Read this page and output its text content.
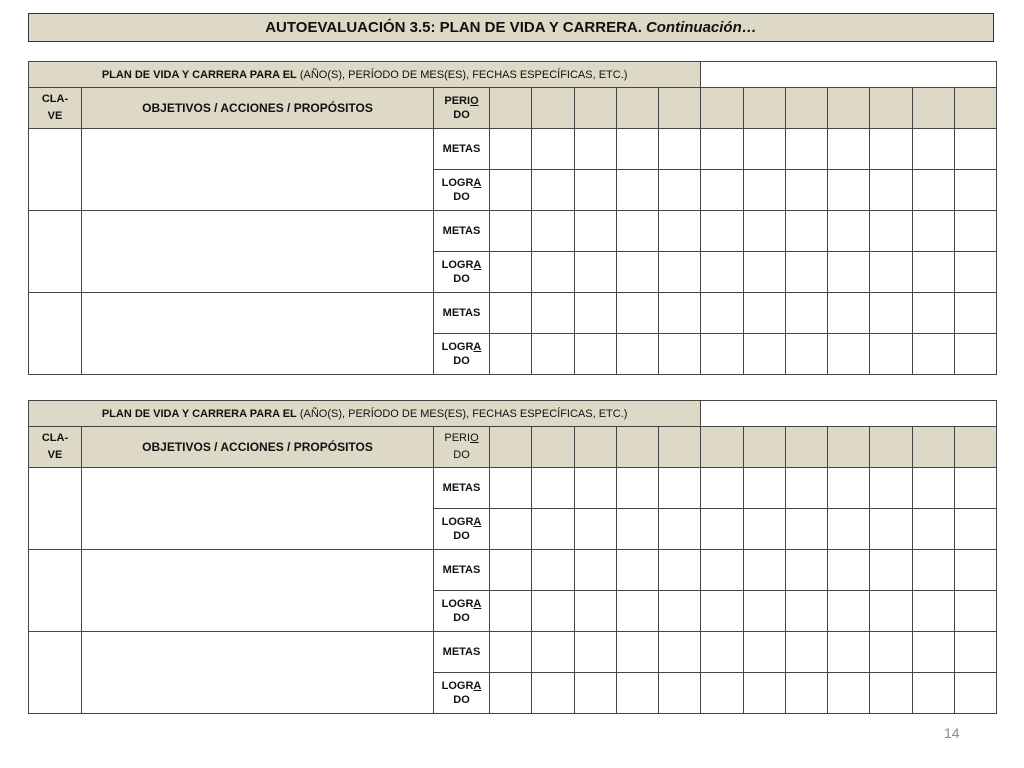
AUTOEVALUACIÓN 3.5: PLAN DE VIDA Y CARRERA. Continuación…
PLAN DE VIDA Y CARRERA PARA EL (AÑO(S), PERÍODO DE MES(ES), FECHAS ESPECÍFICAS, ETC.)														
CLA-
VE	OBJETIVOS / ACCIONES / PROPÓSITOS	PERIO
DO												
		METAS												
		LOGRA
DO												
		METAS												
		LOGRA
DO												
		METAS												
		LOGRA
DO												
PLAN DE VIDA Y CARRERA PARA EL (AÑO(S), PERÍODO DE MES(ES), FECHAS ESPECÍFICAS, ETC.)														
CLA-
VE	OBJETIVOS / ACCIONES / PROPÓSITOS	PERIO
DO												
		METAS												
		LOGRA
DO												
		METAS												
		LOGRA
DO												
		METAS												
		LOGRA
DO												
14
